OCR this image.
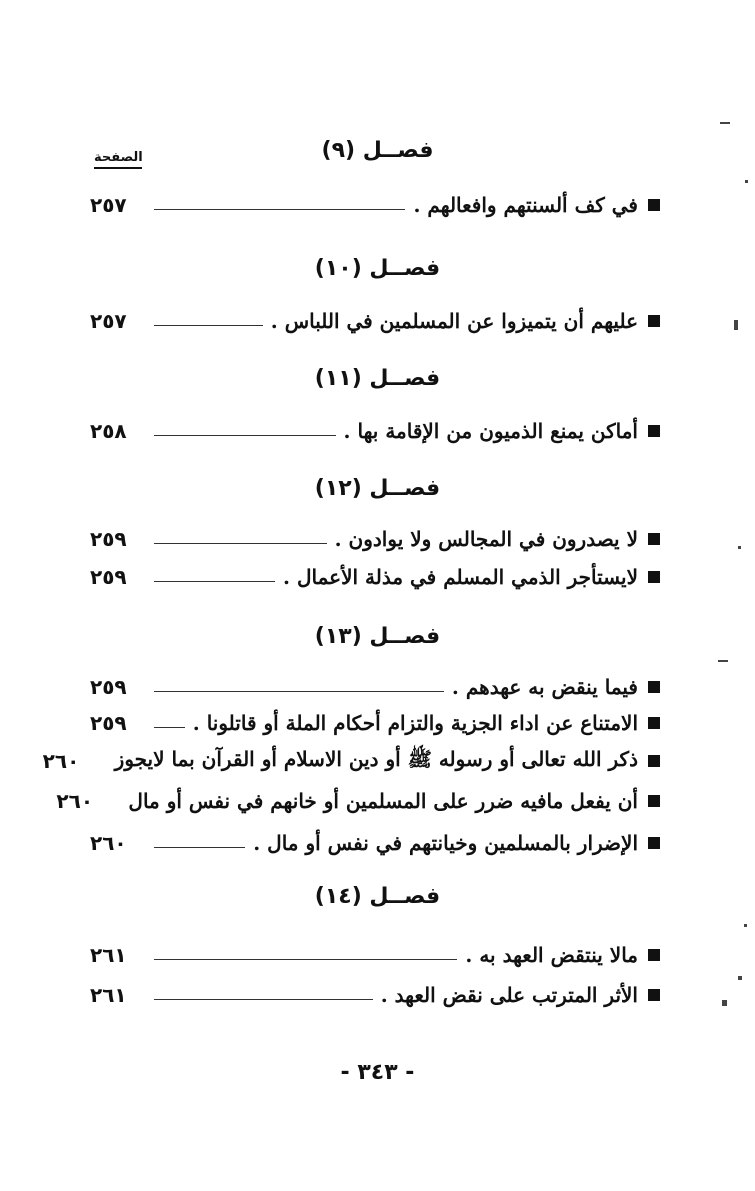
الصفحة	فصــل (٩)
في كف ألسنتهم وافعالهم .
٢٥٧
فصــل (١٠)
عليهم أن يتميزوا عن المسلمين في اللباس .
٢٥٧
فصــل (١١)
أماكن يمنع الذميون من الإقامة بها .
٢٥٨
فصــل (١٢)
لا يصدرون في المجالس ولا يوادون .
٢٥٩
لايستأجر الذمي المسلم في مذلة الأعمال .
٢٥٩
فصــل (١٣)
فيما ينقض به عهدهم .
٢٥٩
الامتناع عن اداء الجزية والتزام أحكام الملة أو قاتلونا .
٢٥٩
ذكر الله تعالى أو رسوله ﷺ أو دين الاسلام أو القرآن بما لايجوز
٢٦٠
أن يفعل مافيه ضرر على المسلمين أو خانهم في نفس أو مال
٢٦٠
الإضرار بالمسلمين وخيانتهم في نفس أو مال .
٢٦٠
فصــل (١٤)
مالا ينتقض العهد به .
٢٦١
الأثر المترتب على نقض العهد .
٢٦١
- ٣٤٣ -
